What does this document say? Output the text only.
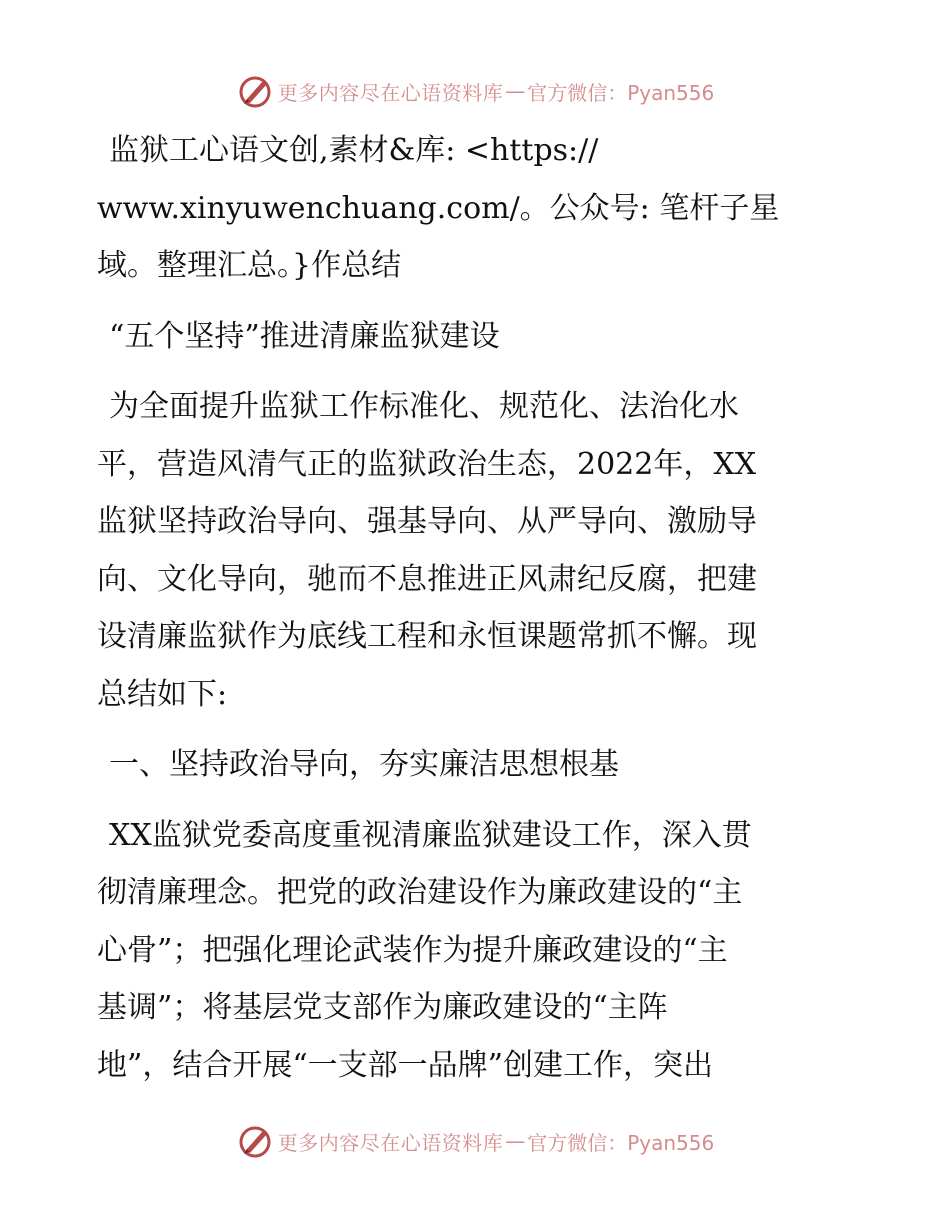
更多内容尽在心语资料库 — 官方微信：Pyan556
监狱工心语文创,素材&库: <https://
www.xinyuwenchuang.com/。公众号: 笔杆子星
域。整理汇总。}作总结
“五个坚持”推进清廉监狱建设
为全面提升监狱工作标准化、规范化、法治化水
平，营造风清气正的监狱政治生态，2022年，XX
监狱坚持政治导向、强基导向、从严导向、激励导
向、文化导向，驰而不息推进正风肃纪反腐，把建
设清廉监狱作为底线工程和永恒课题常抓不懈。现
总结如下:
一、坚持政治导向，夯实廉洁思想根基
XX监狱党委高度重视清廉监狱建设工作，深入贯
彻清廉理念。把党的政治建设作为廉政建设的“主
心骨”；把强化理论武装作为提升廉政建设的“主
基调”；将基层党支部作为廉政建设的“主阵
地”，结合开展“一支部一品牌”创建工作，突出
更多内容尽在心语资料库 — 官方微信：Pyan556
